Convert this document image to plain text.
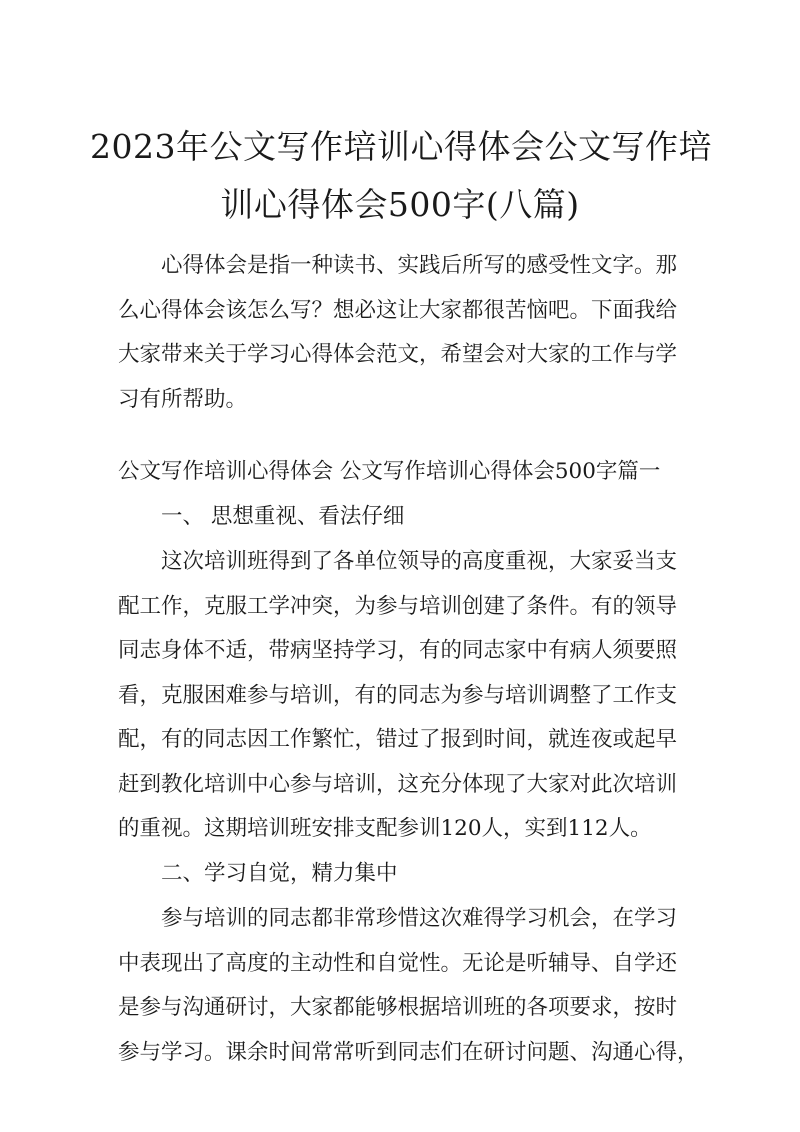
2023年公文写作培训心得体会公文写作培
训心得体会500字(八篇)

心得体会是指一种读书、实践后所写的感受性文字。那
么心得体会该怎么写？想必这让大家都很苦恼吧。下面我给
大家带来关于学习心得体会范文，希望会对大家的工作与学
习有所帮助。

公文写作培训心得体会 公文写作培训心得体会500字篇一
一、 思想重视、看法仔细

这次培训班得到了各单位领导的高度重视，大家妥当支
配工作，克服工学冲突，为参与培训创建了条件。有的领导
同志身体不适，带病坚持学习，有的同志家中有病人须要照
看，克服困难参与培训，有的同志为参与培训调整了工作支
配，有的同志因工作繁忙，错过了报到时间，就连夜或起早
赶到教化培训中心参与培训，这充分体现了大家对此次培训
的重视。这期培训班安排支配参训120人，实到112人。

二、学习自觉，精力集中

参与培训的同志都非常珍惜这次难得学习机会，在学习
中表现出了高度的主动性和自觉性。无论是听辅导、自学还
是参与沟通研讨，大家都能够根据培训班的各项要求，按时
参与学习。课余时间常常听到同志们在研讨问题、沟通心得，
